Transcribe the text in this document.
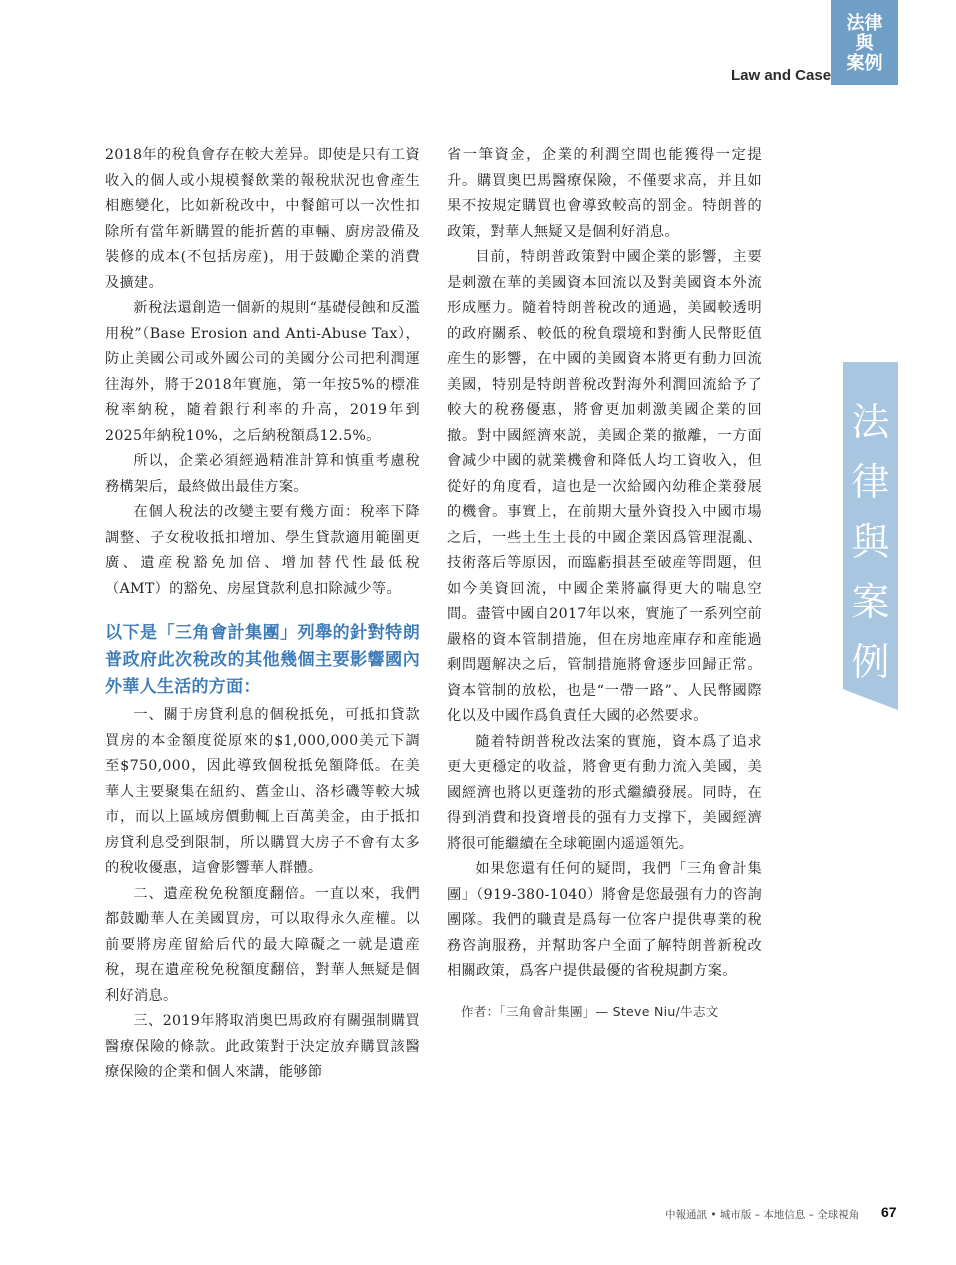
Law and Case
法律
與
案例
法
律
與
案
例

2018年的稅負會存在較大差异。即使是只有工資收入的個人或小規模餐飲業的報稅狀況也會產生相應變化，比如新稅改中，中餐館可以一次性扣除所有當年新購置的能折舊的車輛、廚房設備及裝修的成本(不包括房産)，用于鼓勵企業的消費及擴建。

新稅法還創造一個新的規則“基礎侵蝕和反濫用稅”（Base Erosion and Anti-Abuse Tax），防止美國公司或外國公司的美國分公司把利潤運往海外，將于2018年實施，第一年按5%的標准稅率納稅，隨着銀行利率的升高，2019年到2025年納稅10%，之后納稅額爲12.5%。

所以，企業必須經過精准計算和慎重考慮稅務構架后，最終做出最佳方案。

在個人稅法的改變主要有幾方面：稅率下降調整、子女稅收抵扣增加、學生貸款適用範圍更廣、遺産稅豁免加倍、增加替代性最低稅（AMT）的豁免、房屋貸款利息扣除減少等。

以下是「三角會計集團」列舉的針對特朗普政府此次稅改的其他幾個主要影響國內外華人生活的方面：

一、關于房貸利息的個稅抵免，可抵扣貸款買房的本金額度從原來的$1,000,000美元下調至$750,000，因此導致個稅抵免額降低。在美華人主要聚集在紐約、舊金山、洛杉磯等較大城市，而以上區域房價動輒上百萬美金，由于抵扣房貸利息受到限制，所以購買大房子不會有太多的稅收優惠，這會影響華人群體。

二、遺産稅免稅額度翻倍。一直以來，我們都鼓勵華人在美國買房，可以取得永久産權。以前要將房産留給后代的最大障礙之一就是遺産稅，現在遺産稅免稅額度翻倍，對華人無疑是個利好消息。

三、2019年將取消奥巴馬政府有關强制購買醫療保險的條款。此政策對于決定放弃購買該醫療保險的企業和個人來講，能够節

省一筆資金，企業的利潤空間也能獲得一定提升。購買奥巴馬醫療保險，不僅要求高，并且如果不按規定購買也會導致較高的罰金。特朗普的政策，對華人無疑又是個利好消息。

目前，特朗普政策對中國企業的影響，主要是刺激在華的美國資本回流以及對美國資本外流形成壓力。隨着特朗普稅改的通過，美國較透明的政府關系、較低的稅負環境和對衝人民幣貶值産生的影響，在中國的美國資本將更有動力回流美國，特别是特朗普稅改對海外利潤回流給予了較大的稅務優惠，將會更加刺激美國企業的回撤。對中國經濟來説，美國企業的撤離，一方面會减少中國的就業機會和降低人均工資收入，但從好的角度看，這也是一次給國內幼稚企業發展的機會。事實上，在前期大量外資投入中國市場之后，一些土生土長的中國企業因爲管理混亂、技術落后等原因，而臨虧損甚至破産等問題，但如今美資回流，中國企業將贏得更大的喘息空間。盡管中國自2017年以來，實施了一系列空前嚴格的資本管制措施，但在房地産庫存和産能過剩問題解决之后，管制措施將會逐步回歸正常。資本管制的放松，也是“一帶一路”、人民幣國際化以及中國作爲負責任大國的必然要求。

隨着特朗普稅改法案的實施，資本爲了追求更大更穩定的收益，將會更有動力流入美國，美國經濟也將以更蓬勃的形式繼續發展。同時，在得到消費和投資增長的强有力支撑下，美國經濟將很可能繼續在全球範圍内遥遥領先。

如果您還有任何的疑問，我們「三角會計集團」（919-380-1040）將會是您最强有力的咨詢團隊。我們的職責是爲每一位客户提供專業的稅務咨詢服務，并幫助客户全面了解特朗普新稅改相關政策，爲客户提供最優的省稅規劃方案。

作者：「三角會計集團」— Steve Niu/牛志文
中報通訊 • 城市版 – 本地信息 – 全球視角 67
